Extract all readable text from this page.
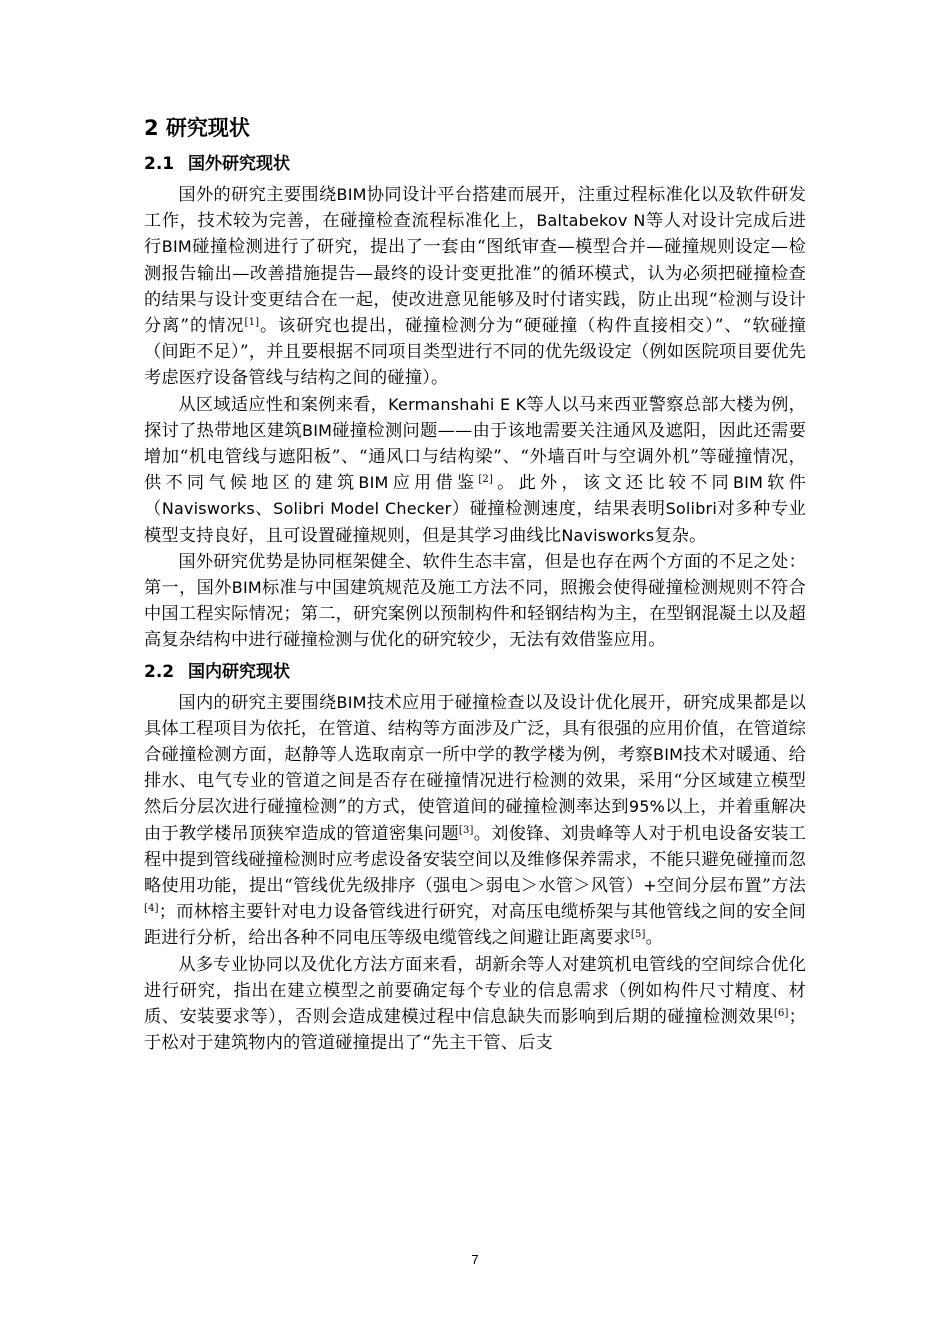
2 研究现状
2.1 国外研究现状

国外的研究主要围绕BIM协同设计平台搭建而展开，注重过程标准化以及软件研发工作，技术较为完善，在碰撞检查流程标准化上，Baltabekov N等人对设计完成后进行BIM碰撞检测进行了研究，提出了一套由“图纸审查—模型合并—碰撞规则设定—检测报告输出—改善措施提告—最终的设计变更批准”的循环模式，认为必须把碰撞检查的结果与设计变更结合在一起，使改进意见能够及时付诸实践，防止出现“检测与设计分离”的情况[1]。该研究也提出，碰撞检测分为“硬碰撞（构件直接相交）”、“软碰撞（间距不足）”，并且要根据不同项目类型进行不同的优先级设定（例如医院项目要优先考虑医疗设备管线与结构之间的碰撞）。

从区域适应性和案例来看，Kermanshahi E K等人以马来西亚警察总部大楼为例，探讨了热带地区建筑BIM碰撞检测问题——由于该地需要关注通风及遮阳，因此还需要增加“机电管线与遮阳板”、“通风口与结构梁”、“外墙百叶与空调外机”等碰撞情况，供不同气候地区的建筑BIM应用借鉴[2]。此外，该文还比较不同BIM软件（Navisworks、Solibri Model Checker）碰撞检测速度，结果表明Solibri对多种专业模型支持良好，且可设置碰撞规则，但是其学习曲线比Navisworks复杂。

国外研究优势是协同框架健全、软件生态丰富，但是也存在两个方面的不足之处：第一，国外BIM标准与中国建筑规范及施工方法不同，照搬会使得碰撞检测规则不符合中国工程实际情况；第二，研究案例以预制构件和轻钢结构为主，在型钢混凝土以及超高复杂结构中进行碰撞检测与优化的研究较少，无法有效借鉴应用。

2.2 国内研究现状

国内的研究主要围绕BIM技术应用于碰撞检查以及设计优化展开，研究成果都是以具体工程项目为依托，在管道、结构等方面涉及广泛，具有很强的应用价值，在管道综合碰撞检测方面，赵静等人选取南京一所中学的教学楼为例，考察BIM技术对暖通、给排水、电气专业的管道之间是否存在碰撞情况进行检测的效果，采用“分区域建立模型然后分层次进行碰撞检测”的方式，使管道间的碰撞检测率达到95%以上，并着重解决由于教学楼吊顶狭窄造成的管道密集问题[3]。刘俊锋、刘贵峰等人对于机电设备安装工程中提到管线碰撞检测时应考虑设备安装空间以及维修保养需求，不能只避免碰撞而忽略使用功能，提出“管线优先级排序（强电＞弱电＞水管＞风管）+空间分层布置”方法[4]；而林榕主要针对电力设备管线进行研究，对高压电缆桥架与其他管线之间的安全间距进行分析，给出各种不同电压等级电缆管线之间避让距离要求[5]。

从多专业协同以及优化方法方面来看，胡新余等人对建筑机电管线的空间综合优化进行研究，指出在建立模型之前要确定每个专业的信息需求（例如构件尺寸精度、材质、安装要求等），否则会造成建模过程中信息缺失而影响到后期的碰撞检测效果[6]；于松对于建筑物内的管道碰撞提出了“先主干管、后支

7
